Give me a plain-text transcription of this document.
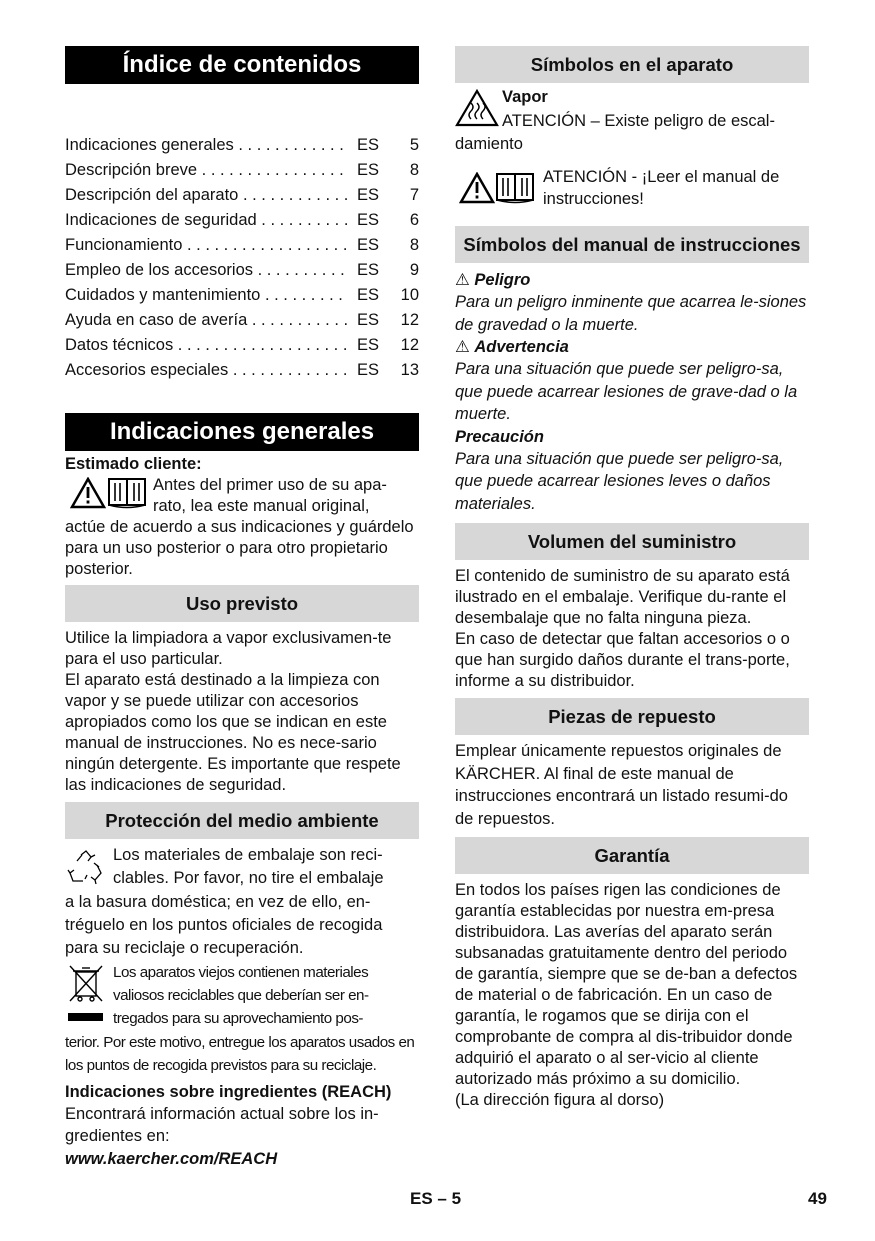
Índice de contenidos
Indicaciones generales . . .	ES	5
Descripción breve . . .	ES	8
Descripción del aparato . . .	ES	7
Indicaciones de seguridad . . .	ES	6
Funcionamiento . . .	ES	8
Empleo de los accesorios . . .	ES	9
Cuidados y mantenimiento . . .	ES	10
Ayuda en caso de avería . . .	ES	12
Datos técnicos . . .	ES	12
Accesorios especiales . . .	ES	13
Indicaciones generales

Estimado cliente:

Antes del primer uso de su apa-

rato, lea este manual original,

actúe de acuerdo a sus indicaciones y guárdelo para un uso posterior o para otro propietario posterior.

Uso previsto

Utilice la limpiadora a vapor exclusivamen-te para el uso particular.

El aparato está destinado a la limpieza con vapor y se puede utilizar con accesorios apropiados como los que se indican en este manual de instrucciones. No es nece-sario ningún detergente. Es importante que respete las indicaciones de seguridad.

Protección del medio ambiente

Los materiales de embalaje son reci-

clables. Por favor, no tire el embalaje

a la basura doméstica; en vez de ello, en-tréguelo en los puntos oficiales de recogida para su reciclaje o recuperación.

Los aparatos viejos contienen materiales

valiosos reciclables que deberían ser en-

tregados para su aprovechamiento pos-

terior. Por este motivo, entregue los aparatos usados en los puntos de recogida previstos para su reciclaje.

Indicaciones sobre ingredientes (REACH)

Encontrará información actual sobre los in-gredientes en:

www.kaercher.com/REACH

Símbolos en el aparato

Vapor

ATENCIÓN – Existe peligro de escal-

damiento

ATENCIÓN - ¡Leer el manual de

instrucciones!

Símbolos del manual de instrucciones

⚠ Peligro

Para un peligro inminente que acarrea le-siones de gravedad o la muerte.

⚠ Advertencia

Para una situación que puede ser peligro-sa, que puede acarrear lesiones de grave-dad o la muerte.

Precaución

Para una situación que puede ser peligro-sa, que puede acarrear lesiones leves o daños materiales.

Volumen del suministro

El contenido de suministro de su aparato está ilustrado en el embalaje. Verifique du-rante el desembalaje que no falta ninguna pieza.

En caso de detectar que faltan accesorios o o que han surgido daños durante el trans-porte, informe a su distribuidor.

Piezas de repuesto

Emplear únicamente repuestos originales de KÄRCHER. Al final de este manual de instrucciones encontrará un listado resumi-do de repuestos.

Garantía

En todos los países rigen las condiciones de garantía establecidas por nuestra em-presa distribuidora. Las averías del aparato serán subsanadas gratuitamente dentro del periodo de garantía, siempre que se de-ban a defectos de material o de fabricación. En un caso de garantía, le rogamos que se dirija con el comprobante de compra al dis-tribuidor donde adquirió el aparato o al ser-vicio al cliente autorizado más próximo a su domicilio.

(La dirección figura al dorso)

ES – 5	49
